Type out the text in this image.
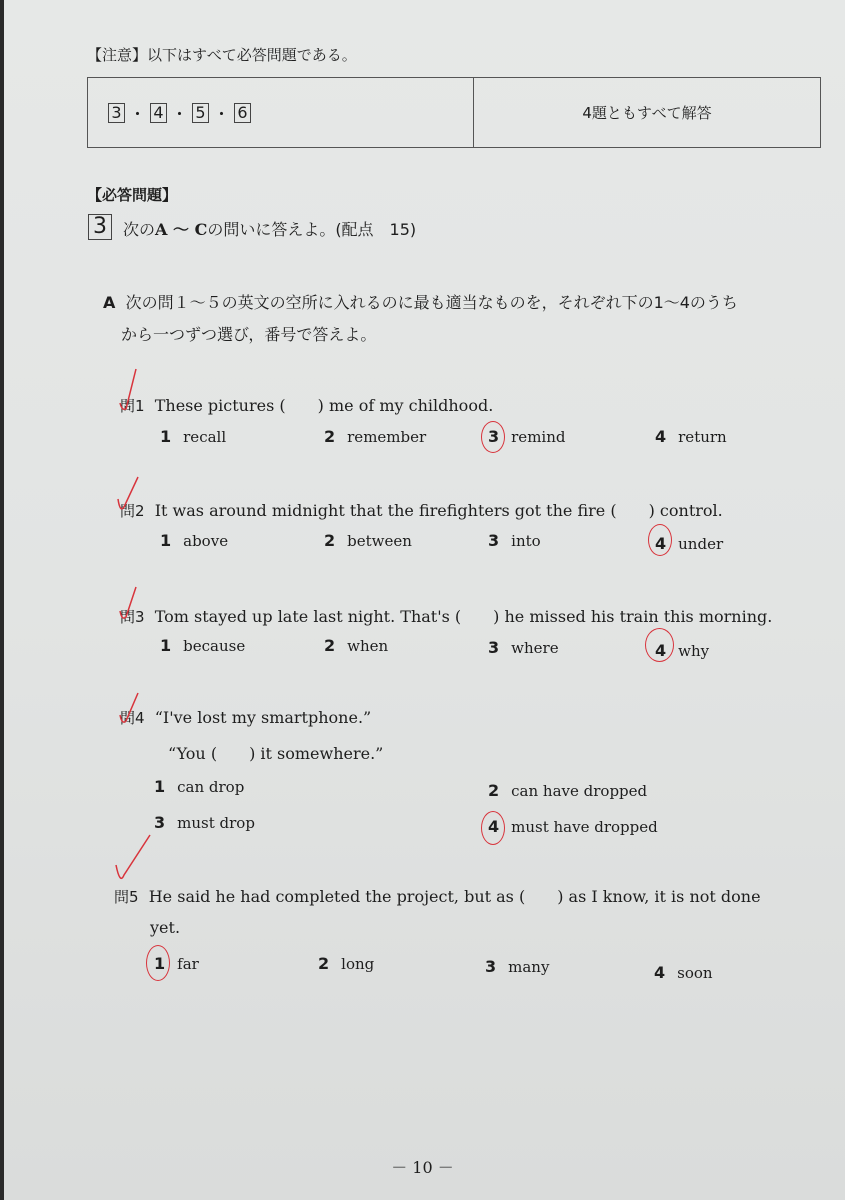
【注意】以下はすべて必答問題である。
3 ・ 4 ・ 5 ・ 6	4題ともすべて解答
【必答問題】
3	次のA ～ Cの問いに答えよ。(配点　15)
A 次の問１～５の英文の空所に入れるのに最も適当なものを，それぞれ下の1～4のうち
から一つずつ選び，番号で答えよ。
問1 These pictures (　　) me of my childhood.
1 recall	2 remember	3 remind	4 return
問2 It was around midnight that the firefighters got the fire (　　) control.
1 above	2 between	3 into	4 under
問3 Tom stayed up late last night. That's (　　) he missed his train this morning.
1 because	2 when	3 where	4 why
問4 “I've lost my smartphone.”
“You (　　) it somewhere.”
1 can drop	2 can have dropped
3 must drop	4 must have dropped
問5 He said he had completed the project, but as (　　) as I know, it is not done
yet.
1 far	2 long	3 many	4 soon
－ 10 －
